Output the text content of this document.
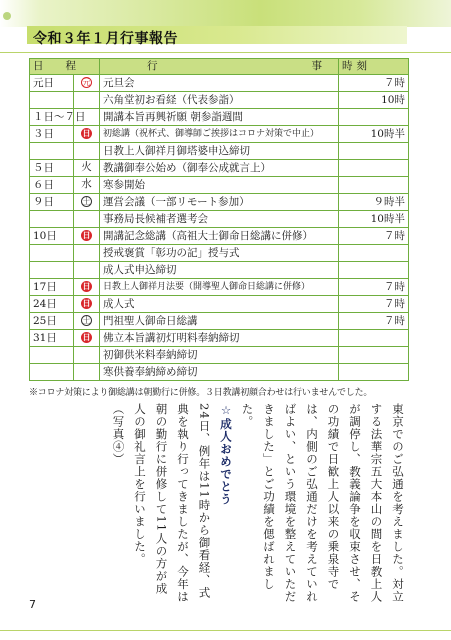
令和３年１月行事報告
日程		行 事	時刻
元日	元	元旦会	７時
		六角堂初お看経（代表参詣）	10時
１日〜７日		開講本旨再興祈願 朝参詣週間	
３日	日	初総講（祝杯式、御導師ご挨拶はコロナ対策で中止）	10時半
		日教上人御祥月御塔婆申込締切	
５日	火	教講御奉公始め（御奉公成就言上）	
６日	水	寒参開始	
９日	土	運営会議（一部リモート参加）	９時半
		事務局長候補者選考会	10時半
10日	日	開講記念総講（高祖大士御命日総講に併修）	７時
		授戒褒賞「彰功の記」授与式	
		成人式申込締切	
17日	日	日教上人御祥月法要（開導聖人御命日総講に併修）	７時
24日	日	成人式	７時
25日	土	門祖聖人御命日総講	７時
31日	日	佛立本旨講初灯明料奉納締切	
		初御供米料奉納締切	
		寒供養奉納締め締切	
※コロナ対策により御総講は朝勤行に併修。３日教講初顔合わせは行いませんでした。

東京でのご弘通を考えました。対立する法華宗五大本山の間を日教上人が調停し、教義論争を収束させ、その功績で日歓上人以来の乗泉寺では、内側のご弘通だけを考えていればよい、という環境を整えていただきました」とご功績を偲ばれました。

☆成人おめでとう

24日、例年は11時から御看経、式典を執り行ってきましたが、今年は朝の勤行に併修して11人の方が成人の御礼言上を行いました。

（写真④）

7
